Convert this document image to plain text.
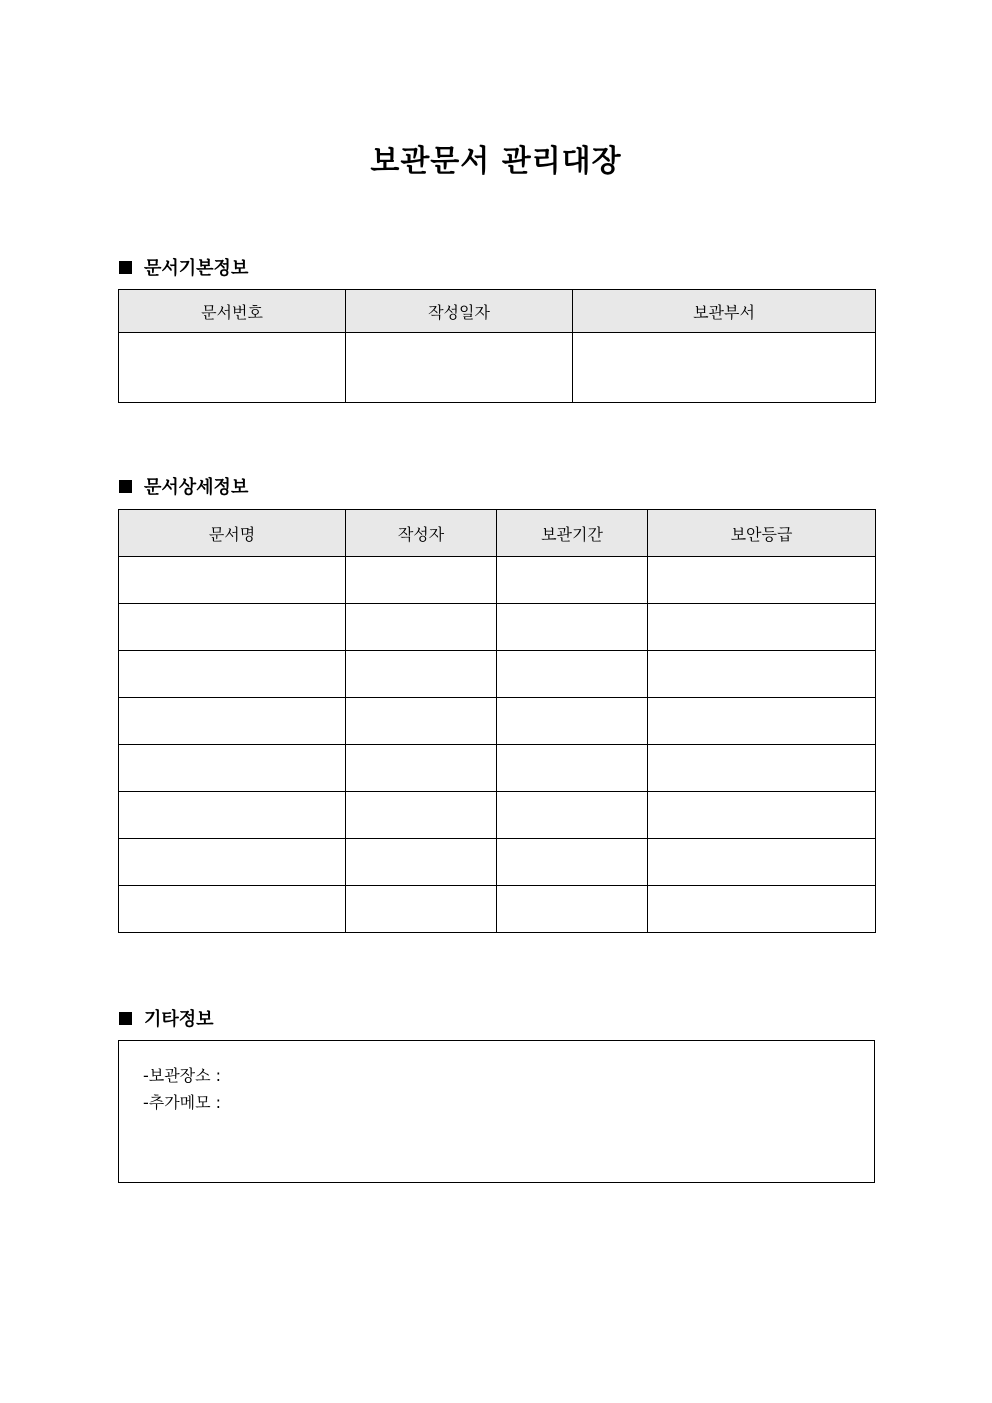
보관문서 관리대장
문서기본정보
문서번호	작성일자	보관부서

문서상세정보
문서명	작성자	보관기간	보안등급

기타정보
-보관장소 :
-추가메모 :
